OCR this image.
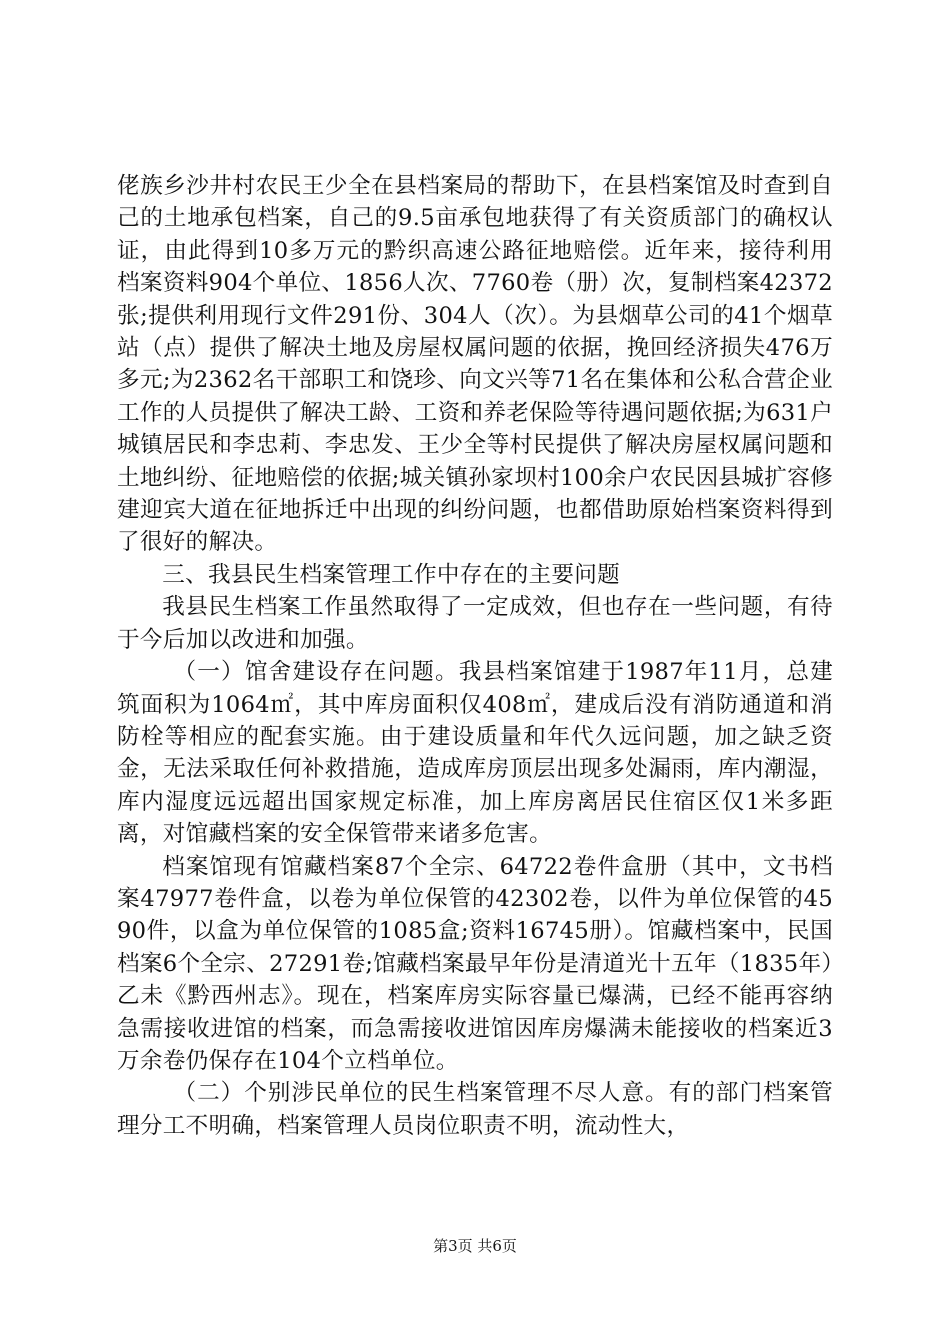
佬族乡沙井村农民王少全在县档案局的帮助下，在县档案馆及时查到自己的土地承包档案，自己的9.5亩承包地获得了有关资质部门的确权认证，由此得到10多万元的黔织高速公路征地赔偿。近年来，接待利用档案资料904个单位、1856人次、7760卷（册）次，复制档案42372张;提供利用现行文件291份、304人（次）。为县烟草公司的41个烟草站（点）提供了解决土地及房屋权属问题的依据，挽回经济损失476万多元;为2362名干部职工和饶珍、向文兴等71名在集体和公私合营企业工作的人员提供了解决工龄、工资和养老保险等待遇问题依据;为631户城镇居民和李忠莉、李忠发、王少全等村民提供了解决房屋权属问题和土地纠纷、征地赔偿的依据;城关镇孙家坝村100余户农民因县城扩容修建迎宾大道在征地拆迁中出现的纠纷问题，也都借助原始档案资料得到了很好的解决。

三、我县民生档案管理工作中存在的主要问题

我县民生档案工作虽然取得了一定成效，但也存在一些问题，有待于今后加以改进和加强。

（一）馆舍建设存在问题。我县档案馆建于1987年11月，总建筑面积为1064㎡，其中库房面积仅408㎡，建成后没有消防通道和消防栓等相应的配套实施。由于建设质量和年代久远问题，加之缺乏资金，无法采取任何补救措施，造成库房顶层出现多处漏雨，库内潮湿，库内湿度远远超出国家规定标准，加上库房离居民住宿区仅1米多距离，对馆藏档案的安全保管带来诸多危害。

档案馆现有馆藏档案87个全宗、64722卷件盒册（其中，文书档案47977卷件盒，以卷为单位保管的42302卷，以件为单位保管的4590件，以盒为单位保管的1085盒;资料16745册）。馆藏档案中，民国档案6个全宗、27291卷;馆藏档案最早年份是清道光十五年（1835年）乙未《黔西州志》。现在，档案库房实际容量已爆满，已经不能再容纳急需接收进馆的档案，而急需接收进馆因库房爆满未能接收的档案近3万余卷仍保存在104个立档单位。

（二）个别涉民单位的民生档案管理不尽人意。有的部门档案管理分工不明确，档案管理人员岗位职责不明，流动性大，

第3页 共6页
